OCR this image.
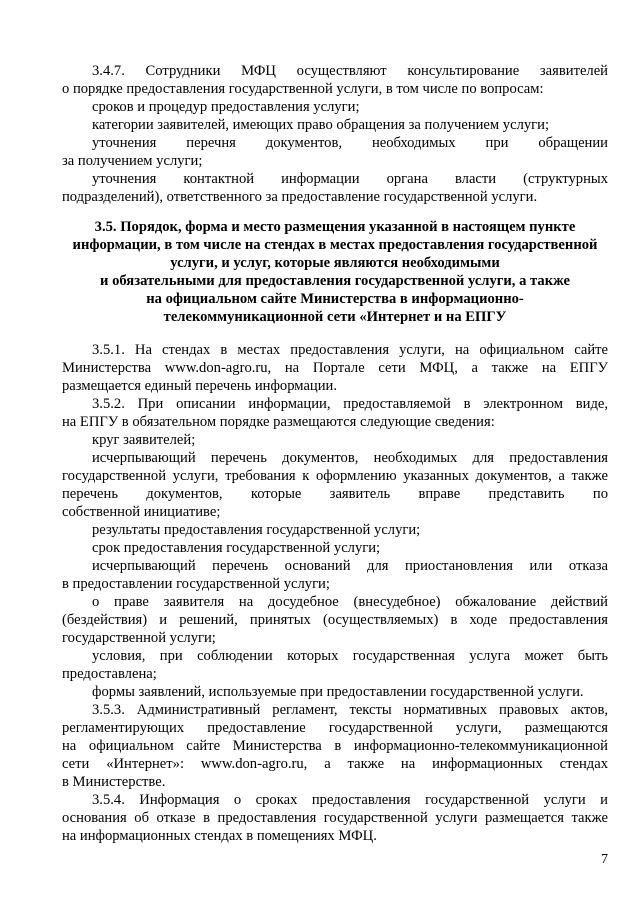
3.4.7. Сотрудники МФЦ осуществляют консультирование заявителей
о порядке предоставления государственной услуги, в том числе по вопросам:
сроков и процедур предоставления услуги;
категории заявителей, имеющих право обращения за получением услуги;
уточнения перечня документов, необходимых при обращении
за получением услуги;
уточнения контактной информации органа власти (структурных
подразделений), ответственного за предоставление государственной услуги.
3.5. Порядок, форма и место размещения указанной в настоящем пункте
информации, в том числе на стендах в местах предоставления государственной
услуги, и услуг, которые являются необходимыми
и обязательными для предоставления государственной услуги, а также
на официальном сайте Министерства в информационно-
телекоммуникационной сети «Интернет и на ЕПГУ
3.5.1. На стендах в местах предоставления услуги, на официальном сайте
Министерства www.don-agro.ru, на Портале сети МФЦ, а также на ЕПГУ
размещается единый перечень информации.
3.5.2. При описании информации, предоставляемой в электронном виде,
на ЕПГУ в обязательном порядке размещаются следующие сведения:
круг заявителей;
исчерпывающий перечень документов, необходимых для предоставления
государственной услуги, требования к оформлению указанных документов, а также
перечень документов, которые заявитель вправе представить по
собственной инициативе;
результаты предоставления государственной услуги;
срок предоставления государственной услуги;
исчерпывающий перечень оснований для приостановления или отказа
в предоставлении государственной услуги;
о праве заявителя на досудебное (внесудебное) обжалование действий
(бездействия) и решений, принятых (осуществляемых) в ходе предоставления
государственной услуги;
условия, при соблюдении которых государственная услуга может быть
предоставлена;
формы заявлений, используемые при предоставлении государственной услуги.
3.5.3. Административный регламент, тексты нормативных правовых актов,
регламентирующих предоставление государственной услуги, размещаются
на официальном сайте Министерства в информационно-телекоммуникационной
сети «Интернет»: www.don-agro.ru, а также на информационных стендах
в Министерстве.
3.5.4. Информация о сроках предоставления государственной услуги и
основания об отказе в предоставления государственной услуги размещается также
на информационных стендах в помещениях МФЦ.
7
